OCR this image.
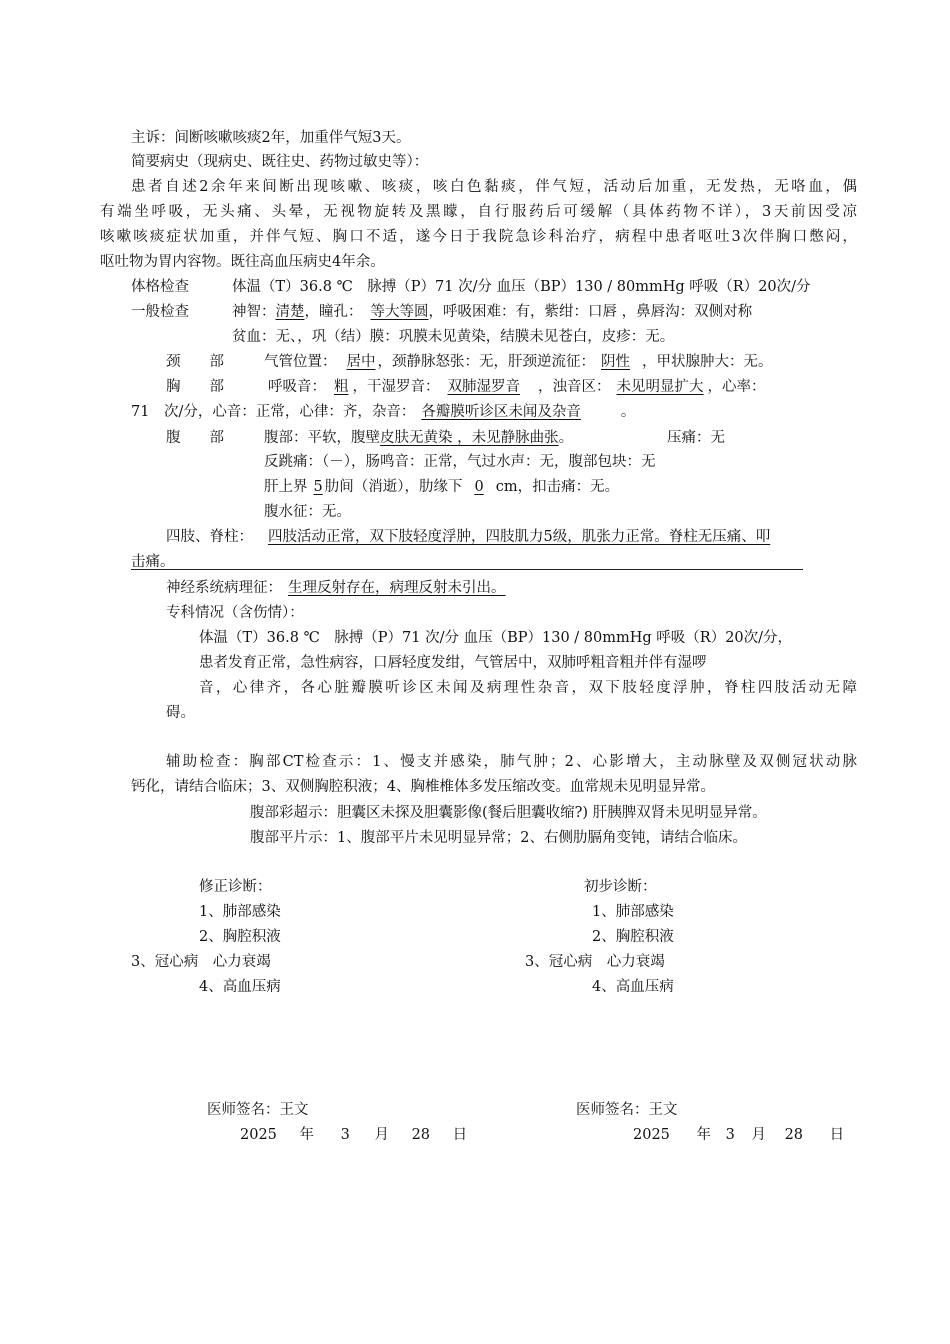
主诉：间断咳嗽咳痰2年，加重伴气短3天。
简要病史（现病史、既往史、药物过敏史等）：
患者自述2余年来间断出现咳嗽、咳痰，咳白色黏痰，伴气短，活动后加重，无发热，无咯血，偶
有端坐呼吸，无头痛、头晕，无视物旋转及黑矇，自行服药后可缓解（具体药物不详），3天前因受凉
咳嗽咳痰症状加重，并伴气短、胸口不适，遂今日于我院急诊科治疗，病程中患者呕吐3次伴胸口憋闷，
呕吐物为胃内容物。既往高血压病史4年余。
体格检查	体温（T）36.8 ℃　脉搏（P）71 次/分 血压（BP）130 / 80mmHg 呼吸（R）20次/分
一般检查	神智：清楚，瞳孔： 等大等圆，呼吸困难：有，紫绀：口唇 ，鼻唇沟：双侧对称
贫血：无、，巩（结）膜：巩膜未见黄染，结膜未见苍白，皮疹：无。
颈　　部	气管位置： 居中 ，颈静脉怒张：无，肝颈逆流征： 阴性 ，甲状腺肿大：无。
胸　　部	呼吸音： 粗 ，干湿罗音： 双肺湿罗音 ，浊音区： 未见明显扩大 ，心率：
71　次/分，心音：正常，心律：齐，杂音： 各瓣膜听诊区未闻及杂音	。
腹　　部	腹部：平软，腹壁皮肤无黄染 ，未见静脉曲张。	压痛：无
反跳痛：（－），肠鸣音：正常，气过水声：无，腹部包块：无
肝上界 5 肋间（消逝），肋缘下 0 cm，扣击痛：无。
腹水征：无。
四肢、脊柱： 四肢活动正常，双下肢轻度浮肿，四肢肌力5级，肌张力正常。脊柱无压痛、叩
击痛。
神经系统病理征： 生理反射存在，病理反射未引出。
专科情况（含伤情）：
体温（T）36.8 ℃　脉搏（P）71 次/分 血压（BP）130 / 80mmHg 呼吸（R）20次/分，
患者发育正常，急性病容，口唇轻度发绀，气管居中，双肺呼粗音粗并伴有湿啰
音，心律齐，各心脏瓣膜听诊区未闻及病理性杂音，双下肢轻度浮肿，脊柱四肢活动无障
碍。
辅助检查：胸部CT检查示：1、慢支并感染，肺气肿；2、心影增大，主动脉壁及双侧冠状动脉
钙化，请结合临床；3、双侧胸腔积液；4、胸椎椎体多发压缩改变。血常规未见明显异常。
腹部彩超示：胆囊区未探及胆囊影像(餐后胆囊收缩?) 肝胰脾双肾未见明显异常。
腹部平片示：1、腹部平片未见明显异常；2、右侧肋膈角变钝，请结合临床。
修正诊断：
1、肺部感染
2、胸腔积液
3、冠心病　心力衰竭
4、高血压病
初步诊断：
1、肺部感染
2、胸腔积液
3、冠心病　心力衰竭
4、高血压病
医师签名：王文
2025 年 3 月 28 日
医师签名：王文
2025 年 3 月 28 日
